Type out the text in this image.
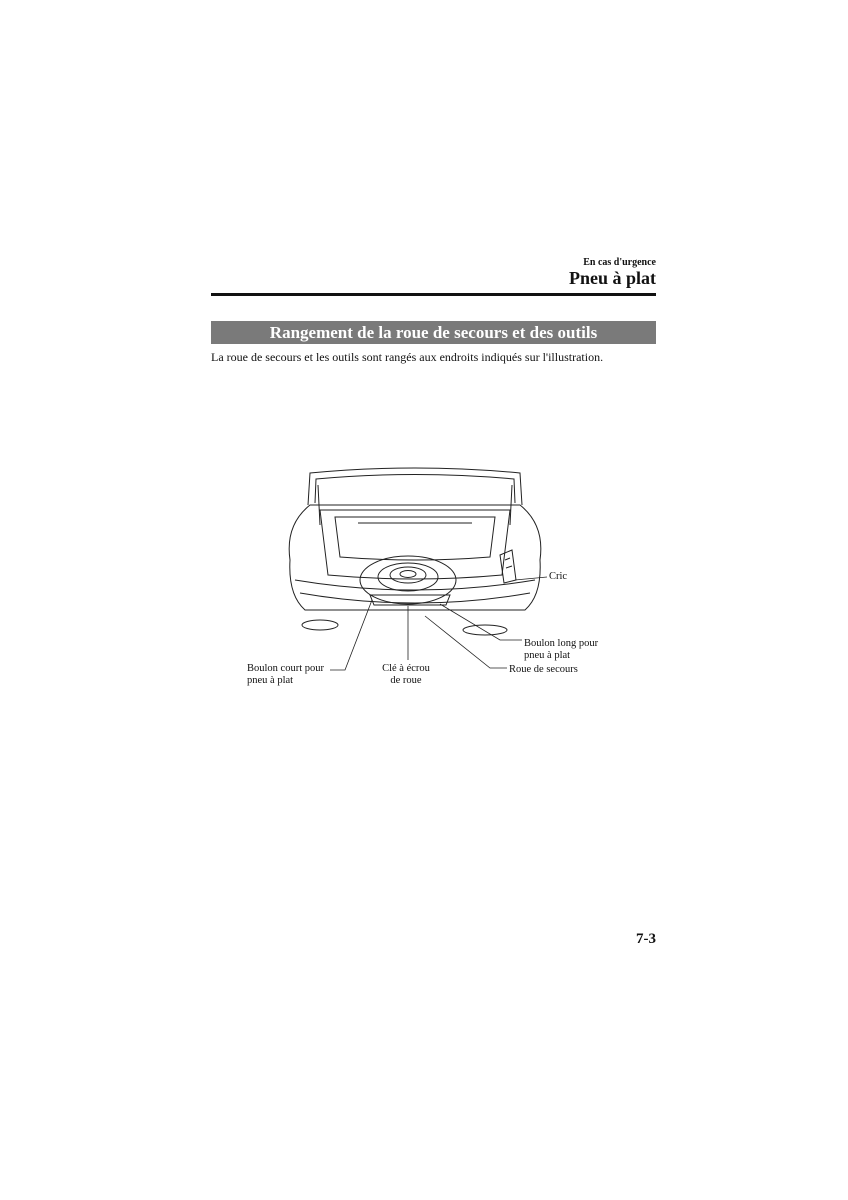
En cas d'urgence
Pneu à plat
Rangement de la roue de secours et des outils
La roue de secours et les outils sont rangés aux endroits indiqués sur l'illustration.
Cric
Boulon long pour
pneu à plat
Roue de secours
Boulon court pour
pneu à plat
Clé à écrou
de roue
7-3
